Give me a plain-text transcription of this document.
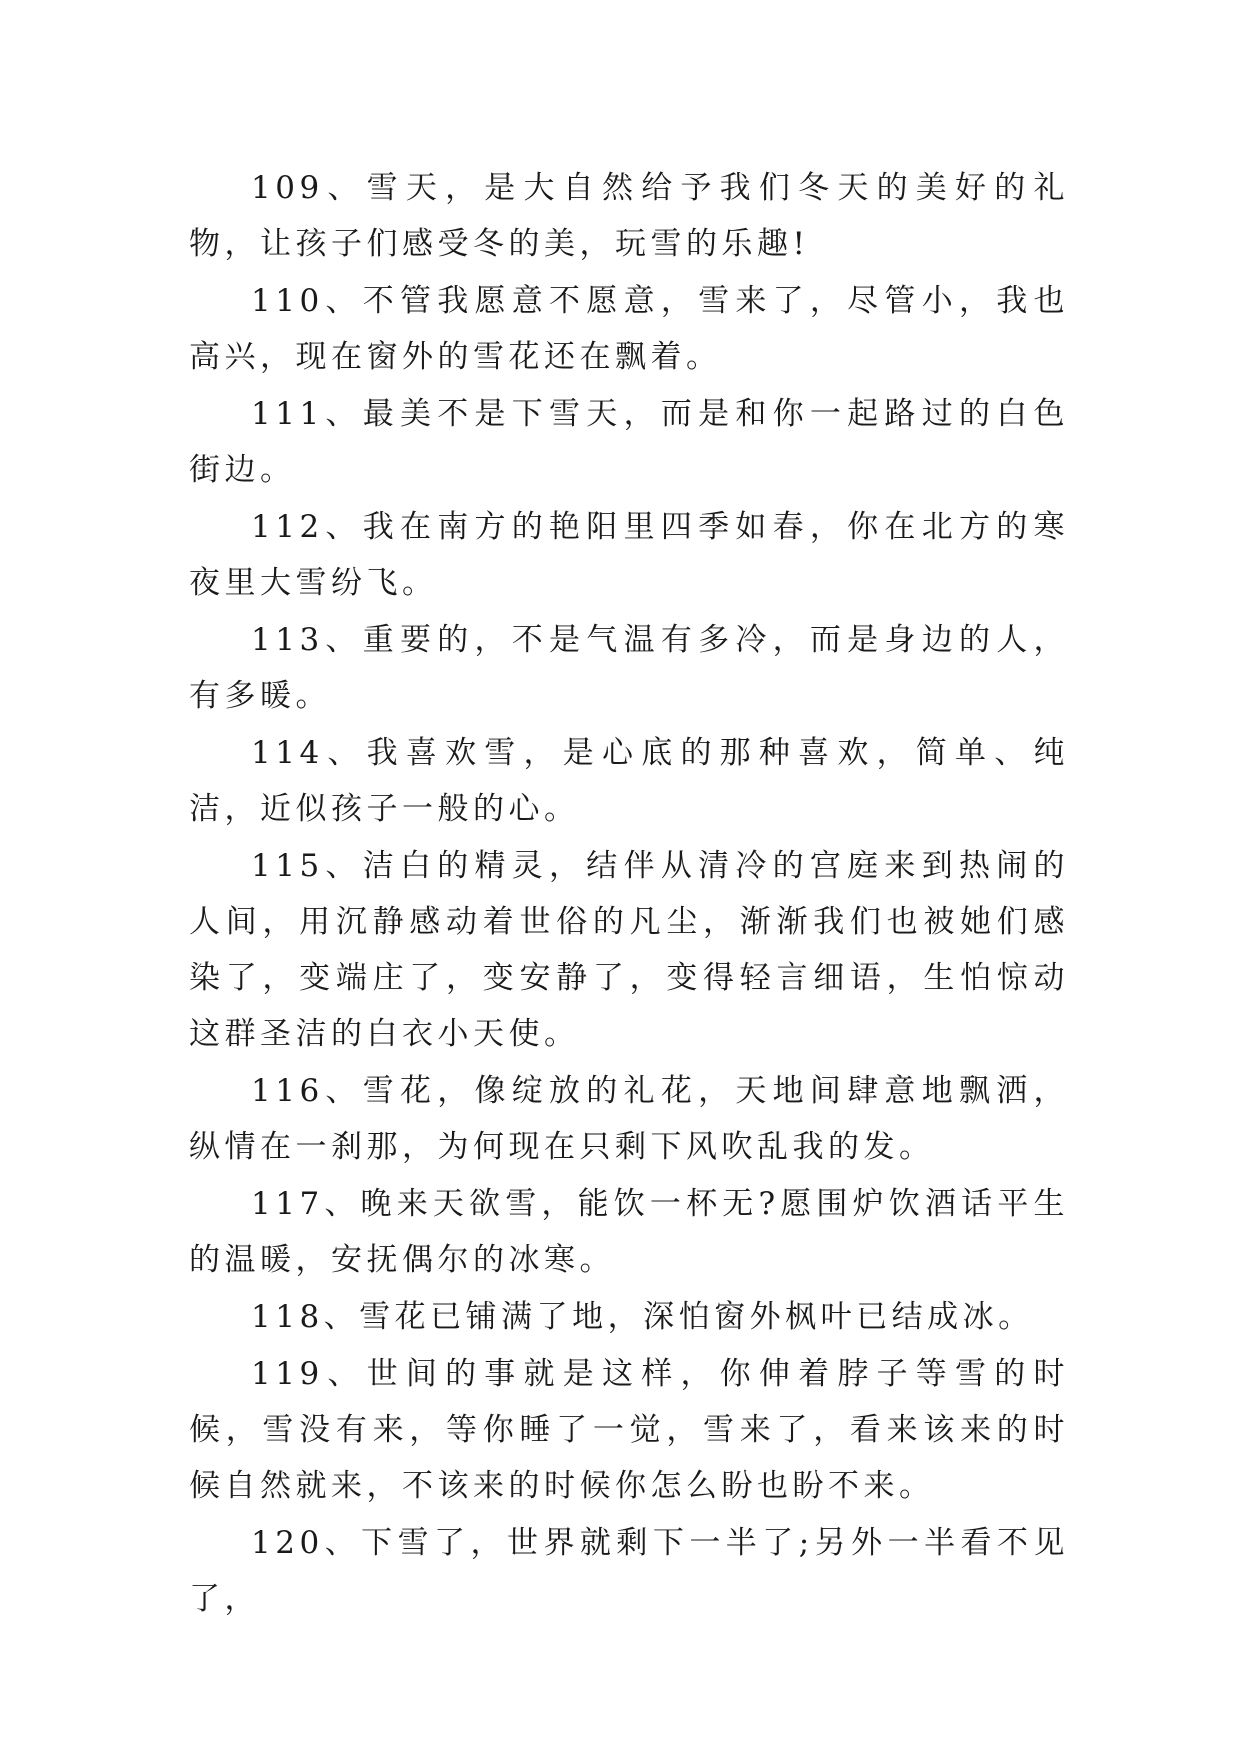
109、雪天，是大自然给予我们冬天的美好的礼物，让孩子们感受冬的美，玩雪的乐趣!

110、不管我愿意不愿意，雪来了，尽管小，我也高兴，现在窗外的雪花还在飘着。

111、最美不是下雪天，而是和你一起路过的白色街边。

112、我在南方的艳阳里四季如春，你在北方的寒夜里大雪纷飞。

113、重要的，不是气温有多冷，而是身边的人，有多暖。

114、我喜欢雪，是心底的那种喜欢，简单、纯洁，近似孩子一般的心。

115、洁白的精灵，结伴从清冷的宫庭来到热闹的人间，用沉静感动着世俗的凡尘，渐渐我们也被她们感染了，变端庄了，变安静了，变得轻言细语，生怕惊动这群圣洁的白衣小天使。

116、雪花，像绽放的礼花，天地间肆意地飘洒，纵情在一刹那，为何现在只剩下风吹乱我的发。

117、晚来天欲雪，能饮一杯无?愿围炉饮酒话平生的温暖，安抚偶尔的冰寒。

118、雪花已铺满了地，深怕窗外枫叶已结成冰。

119、世间的事就是这样，你伸着脖子等雪的时候，雪没有来，等你睡了一觉，雪来了，看来该来的时候自然就来，不该来的时候你怎么盼也盼不来。

120、下雪了，世界就剩下一半了;另外一半看不见了，
